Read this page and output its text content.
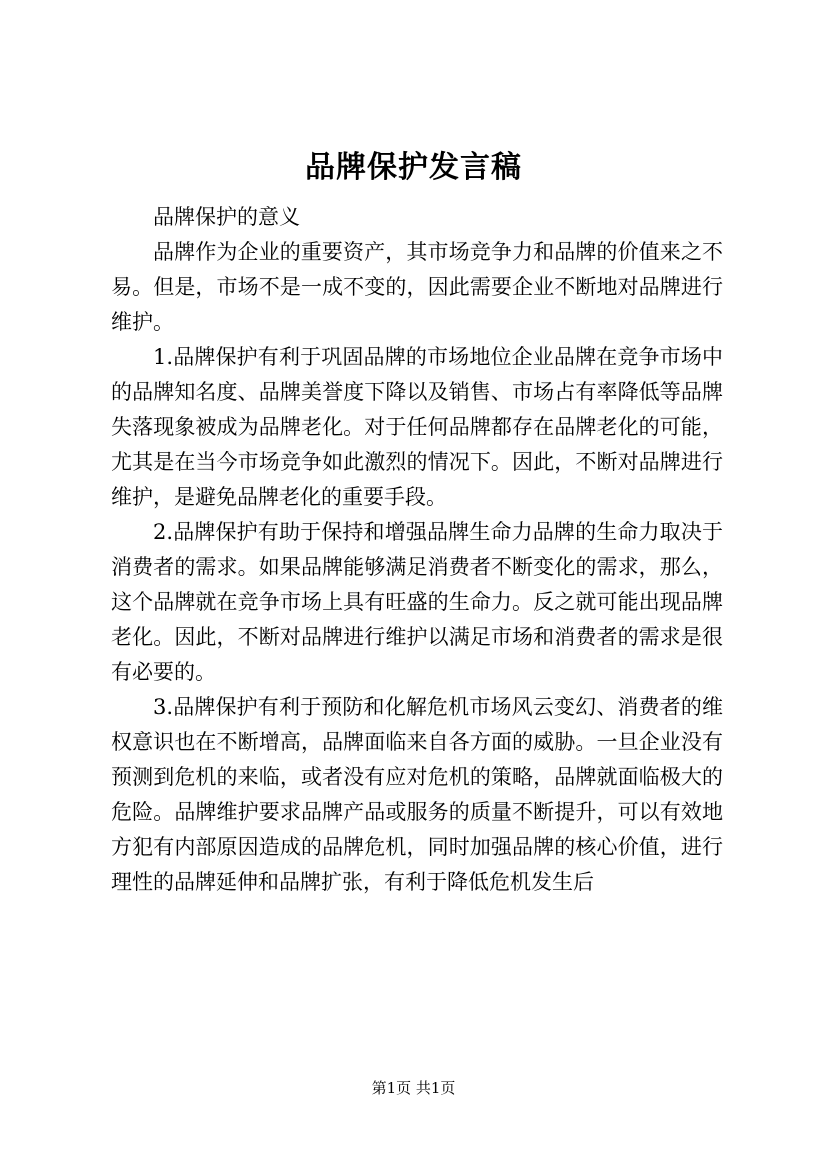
品牌保护发言稿

品牌保护的意义

品牌作为企业的重要资产，其市场竞争力和品牌的价值来之不易。但是，市场不是一成不变的，因此需要企业不断地对品牌进行维护。

1.品牌保护有利于巩固品牌的市场地位企业品牌在竞争市场中的品牌知名度、品牌美誉度下降以及销售、市场占有率降低等品牌失落现象被成为品牌老化。对于任何品牌都存在品牌老化的可能，尤其是在当今市场竞争如此激烈的情况下。因此，不断对品牌进行维护，是避免品牌老化的重要手段。

2.品牌保护有助于保持和增强品牌生命力品牌的生命力取决于消费者的需求。如果品牌能够满足消费者不断变化的需求，那么，这个品牌就在竞争市场上具有旺盛的生命力。反之就可能出现品牌老化。因此，不断对品牌进行维护以满足市场和消费者的需求是很有必要的。

3.品牌保护有利于预防和化解危机市场风云变幻、消费者的维权意识也在不断增高，品牌面临来自各方面的威胁。一旦企业没有预测到危机的来临，或者没有应对危机的策略，品牌就面临极大的危险。品牌维护要求品牌产品或服务的质量不断提升，可以有效地方犯有内部原因造成的品牌危机，同时加强品牌的核心价值，进行理性的品牌延伸和品牌扩张，有利于降低危机发生后

第1页 共1页
